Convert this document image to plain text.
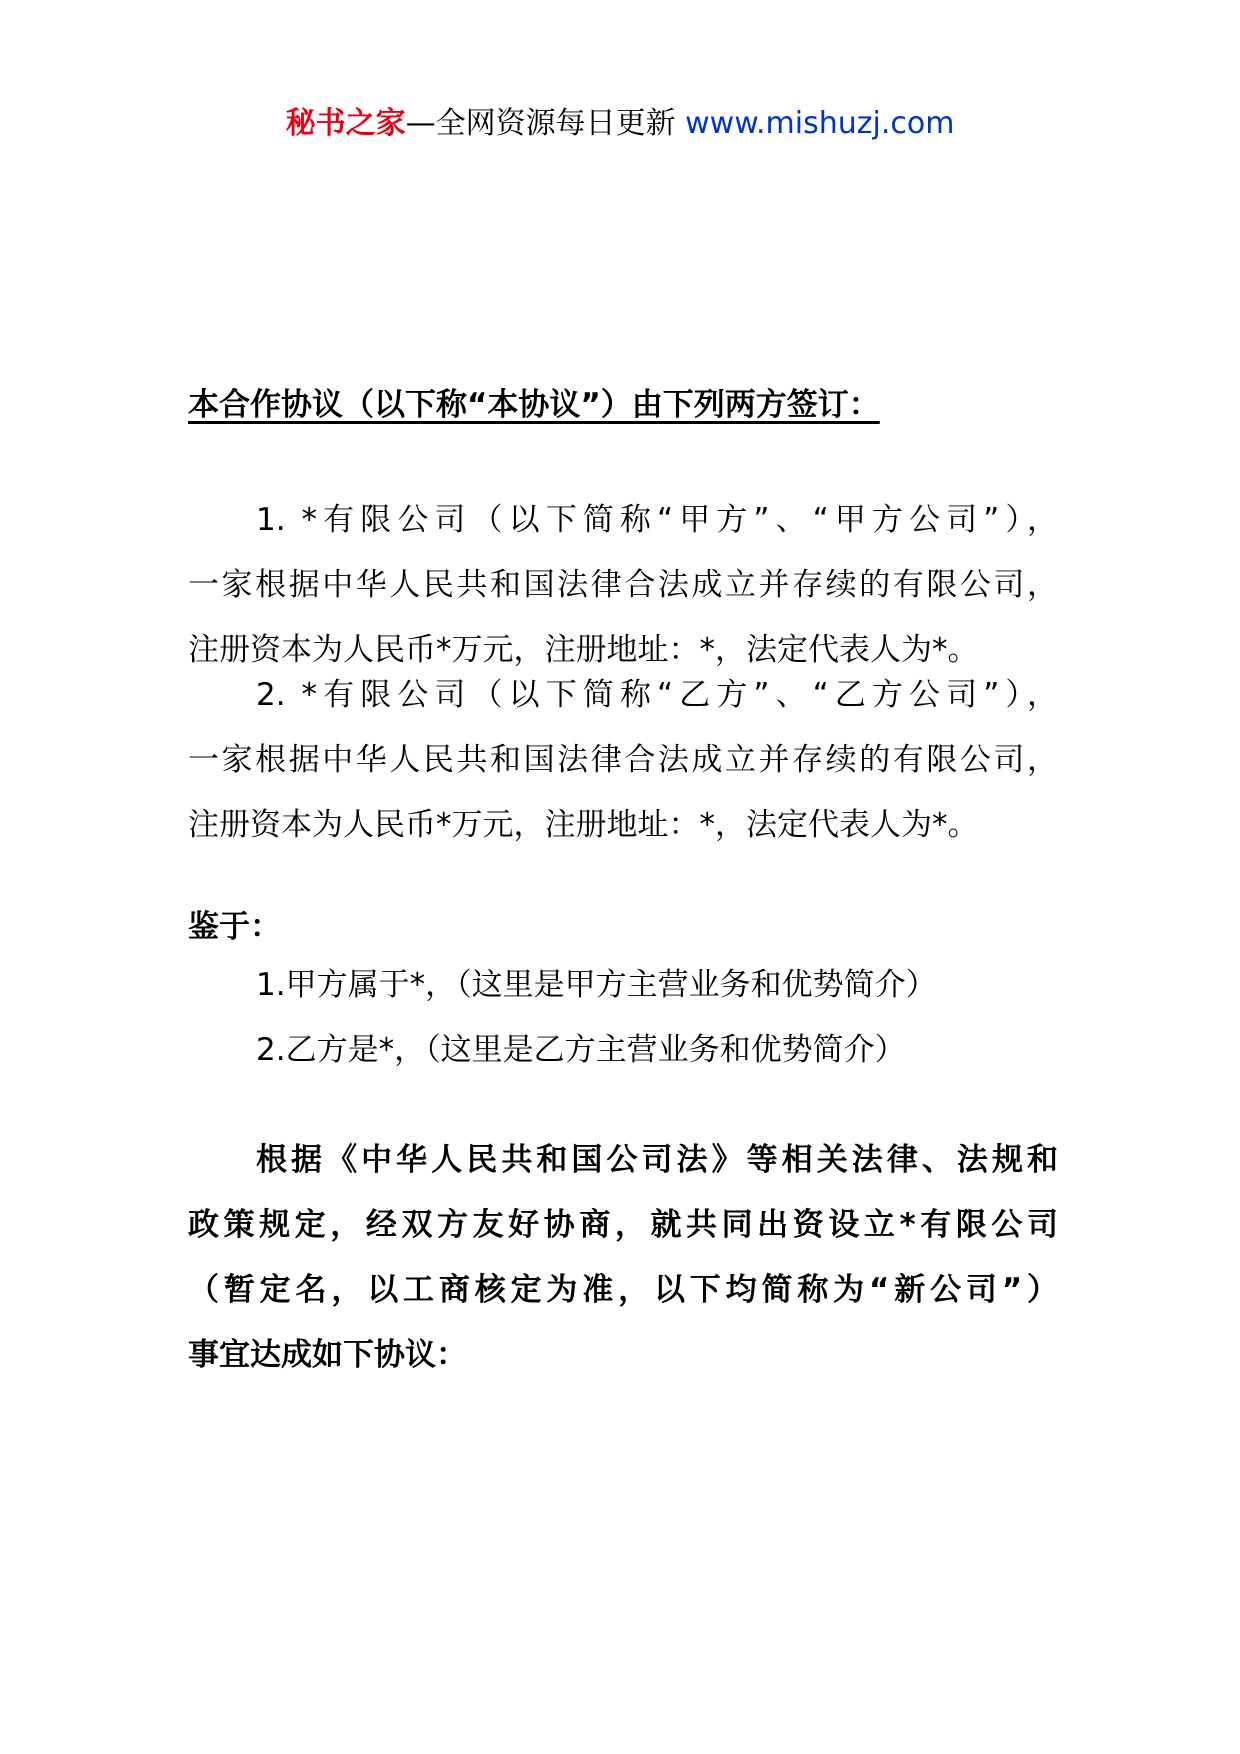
秘书之家—全网资源每日更新 www.mishuzj.com
本合作协议（以下称“本协议”）由下列两方签订：
1. *有限公司（以下简称“甲方”、“甲方公司”），
一家根据中华人民共和国法律合法成立并存续的有限公司，
注册资本为人民币*万元，注册地址：*，法定代表人为*。
2. *有限公司（以下简称“乙方”、“乙方公司”），
一家根据中华人民共和国法律合法成立并存续的有限公司，
注册资本为人民币*万元，注册地址：*，法定代表人为*。
鉴于：
1.甲方属于*，（这里是甲方主营业务和优势简介）
2.乙方是*，（这里是乙方主营业务和优势简介）
根据《中华人民共和国公司法》等相关法律、法规和
政策规定，经双方友好协商，就共同出资设立*有限公司
（暂定名，以工商核定为准，以下均简称为“新公司”）
事宜达成如下协议：
